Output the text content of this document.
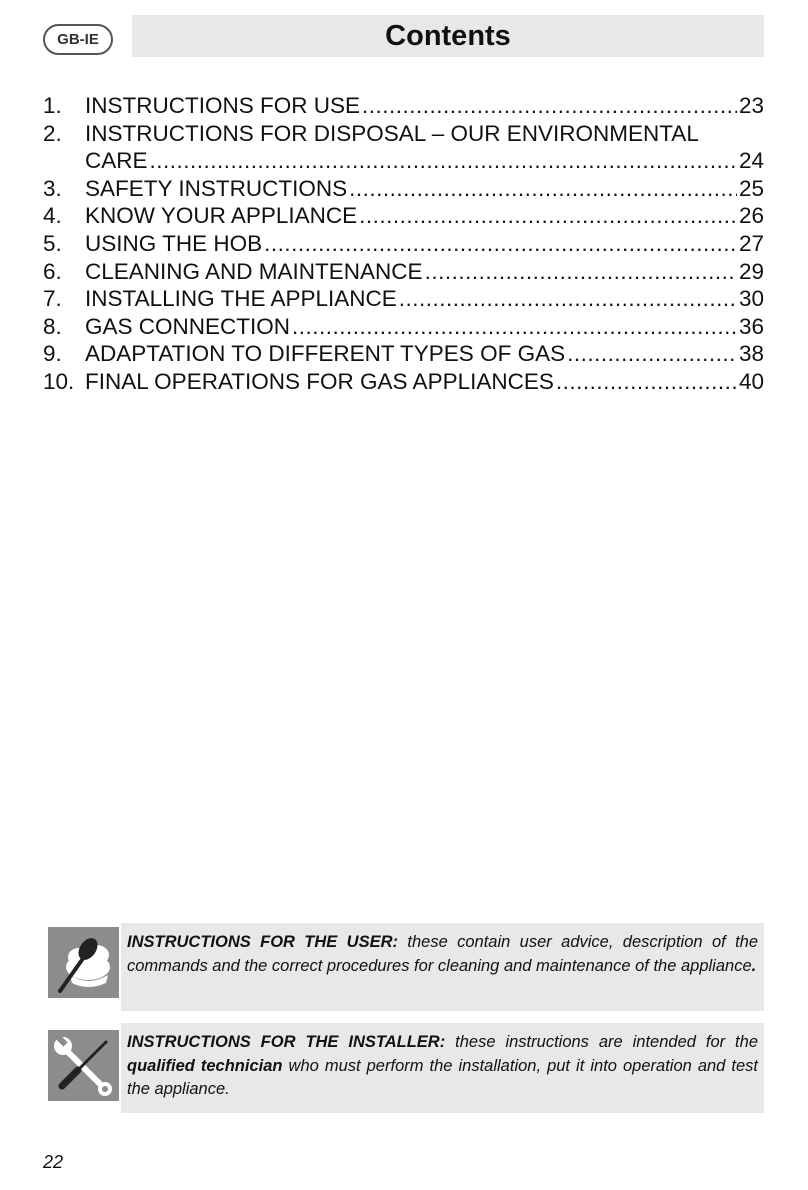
GB-IE	Contents
1.	INSTRUCTIONS FOR USE .....	23
2.	INSTRUCTIONS FOR DISPOSAL – OUR ENVIRONMENTAL
CARE .....	24
3.	SAFETY INSTRUCTIONS .....	25
4.	KNOW YOUR APPLIANCE .....	26
5.	USING THE HOB .....	27
6.	CLEANING AND MAINTENANCE .....	29
7.	INSTALLING THE APPLIANCE .....	30
8.	GAS CONNECTION .....	36
9.	ADAPTATION TO DIFFERENT TYPES OF GAS .....	38
10. FINAL OPERATIONS FOR GAS APPLIANCES .....	40
INSTRUCTIONS FOR THE USER: these contain user advice, description of the commands and the correct procedures for cleaning and maintenance of the appliance.
INSTRUCTIONS FOR THE INSTALLER: these instructions are intended for the qualified technician who must perform the installation, put it into operation and test the appliance.
22
